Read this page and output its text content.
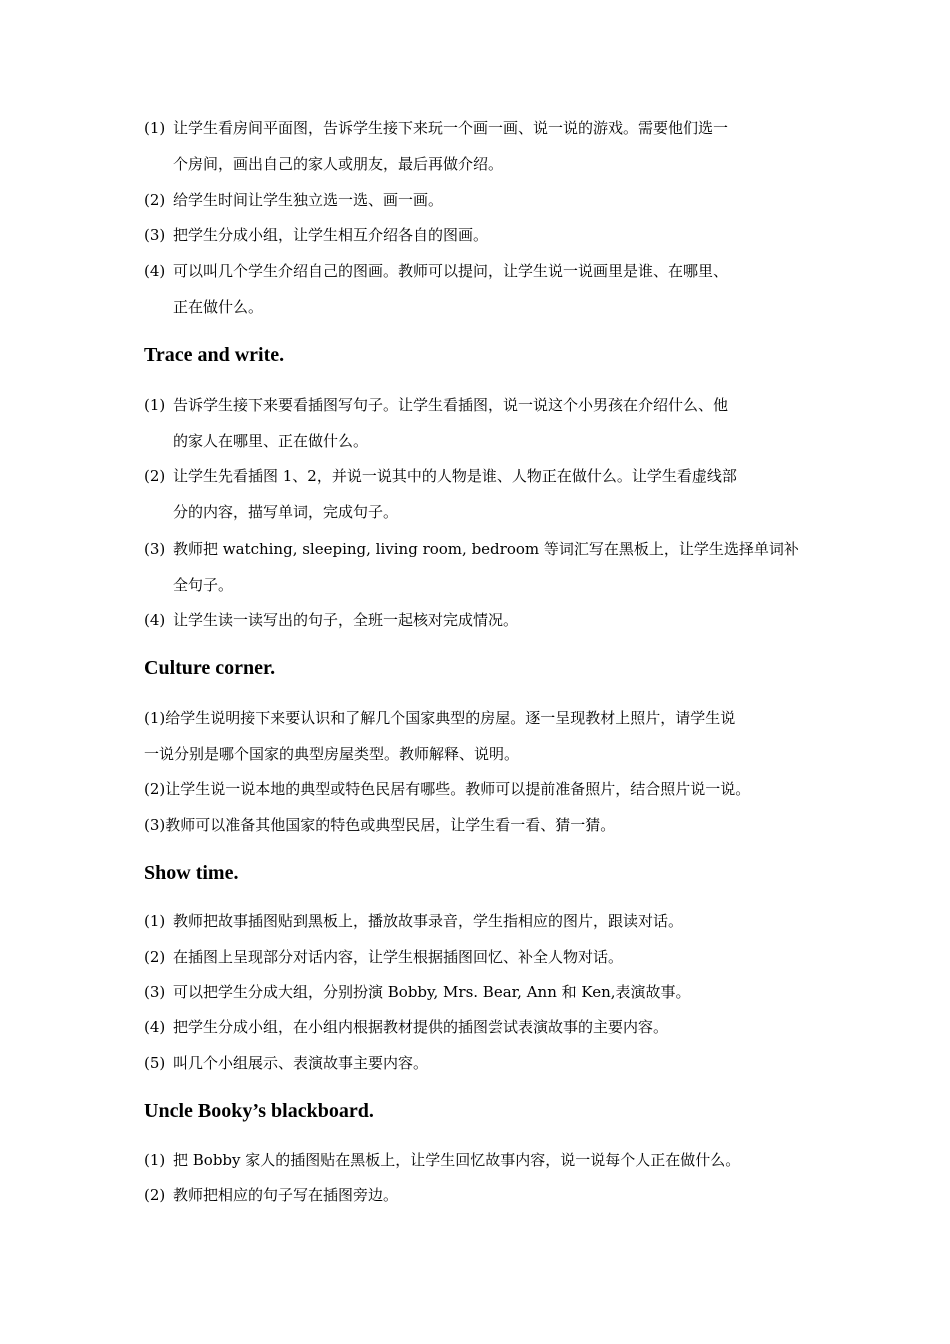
(1) 让学生看房间平面图，告诉学生接下来玩一个画一画、说一说的游戏。需要他们选一
个房间，画出自己的家人或朋友，最后再做介绍。
(2) 给学生时间让学生独立选一选、画一画。
(3) 把学生分成小组，让学生相互介绍各自的图画。
(4) 可以叫几个学生介绍自己的图画。教师可以提问，让学生说一说画里是谁、在哪里、
正在做什么。
Trace and write.
(1) 告诉学生接下来要看插图写句子。让学生看插图，说一说这个小男孩在介绍什么、他
的家人在哪里、正在做什么。
(2) 让学生先看插图 1、2，并说一说其中的人物是谁、人物正在做什么。让学生看虚线部
分的内容，描写单词，完成句子。
(3) 教师把 watching, sleeping, living room, bedroom 等词汇写在黑板上，让学生选择单词补
全句子。
(4) 让学生读一读写出的句子，全班一起核对完成情况。
Culture corner.
(1)给学生说明接下来要认识和了解几个国家典型的房屋。逐一呈现教材上照片，请学生说
一说分别是哪个国家的典型房屋类型。教师解释、说明。
(2)让学生说一说本地的典型或特色民居有哪些。教师可以提前准备照片，结合照片说一说。
(3)教师可以准备其他国家的特色或典型民居，让学生看一看、猜一猜。
Show time.
(1) 教师把故事插图贴到黑板上，播放故事录音，学生指相应的图片，跟读对话。
(2) 在插图上呈现部分对话内容，让学生根据插图回忆、补全人物对话。
(3) 可以把学生分成大组，分别扮演 Bobby, Mrs. Bear, Ann 和 Ken,表演故事。
(4) 把学生分成小组，在小组内根据教材提供的插图尝试表演故事的主要内容。
(5) 叫几个小组展示、表演故事主要内容。
Uncle Booky’s blackboard.
(1) 把 Bobby 家人的插图贴在黑板上，让学生回忆故事内容，说一说每个人正在做什么。
(2) 教师把相应的句子写在插图旁边。
